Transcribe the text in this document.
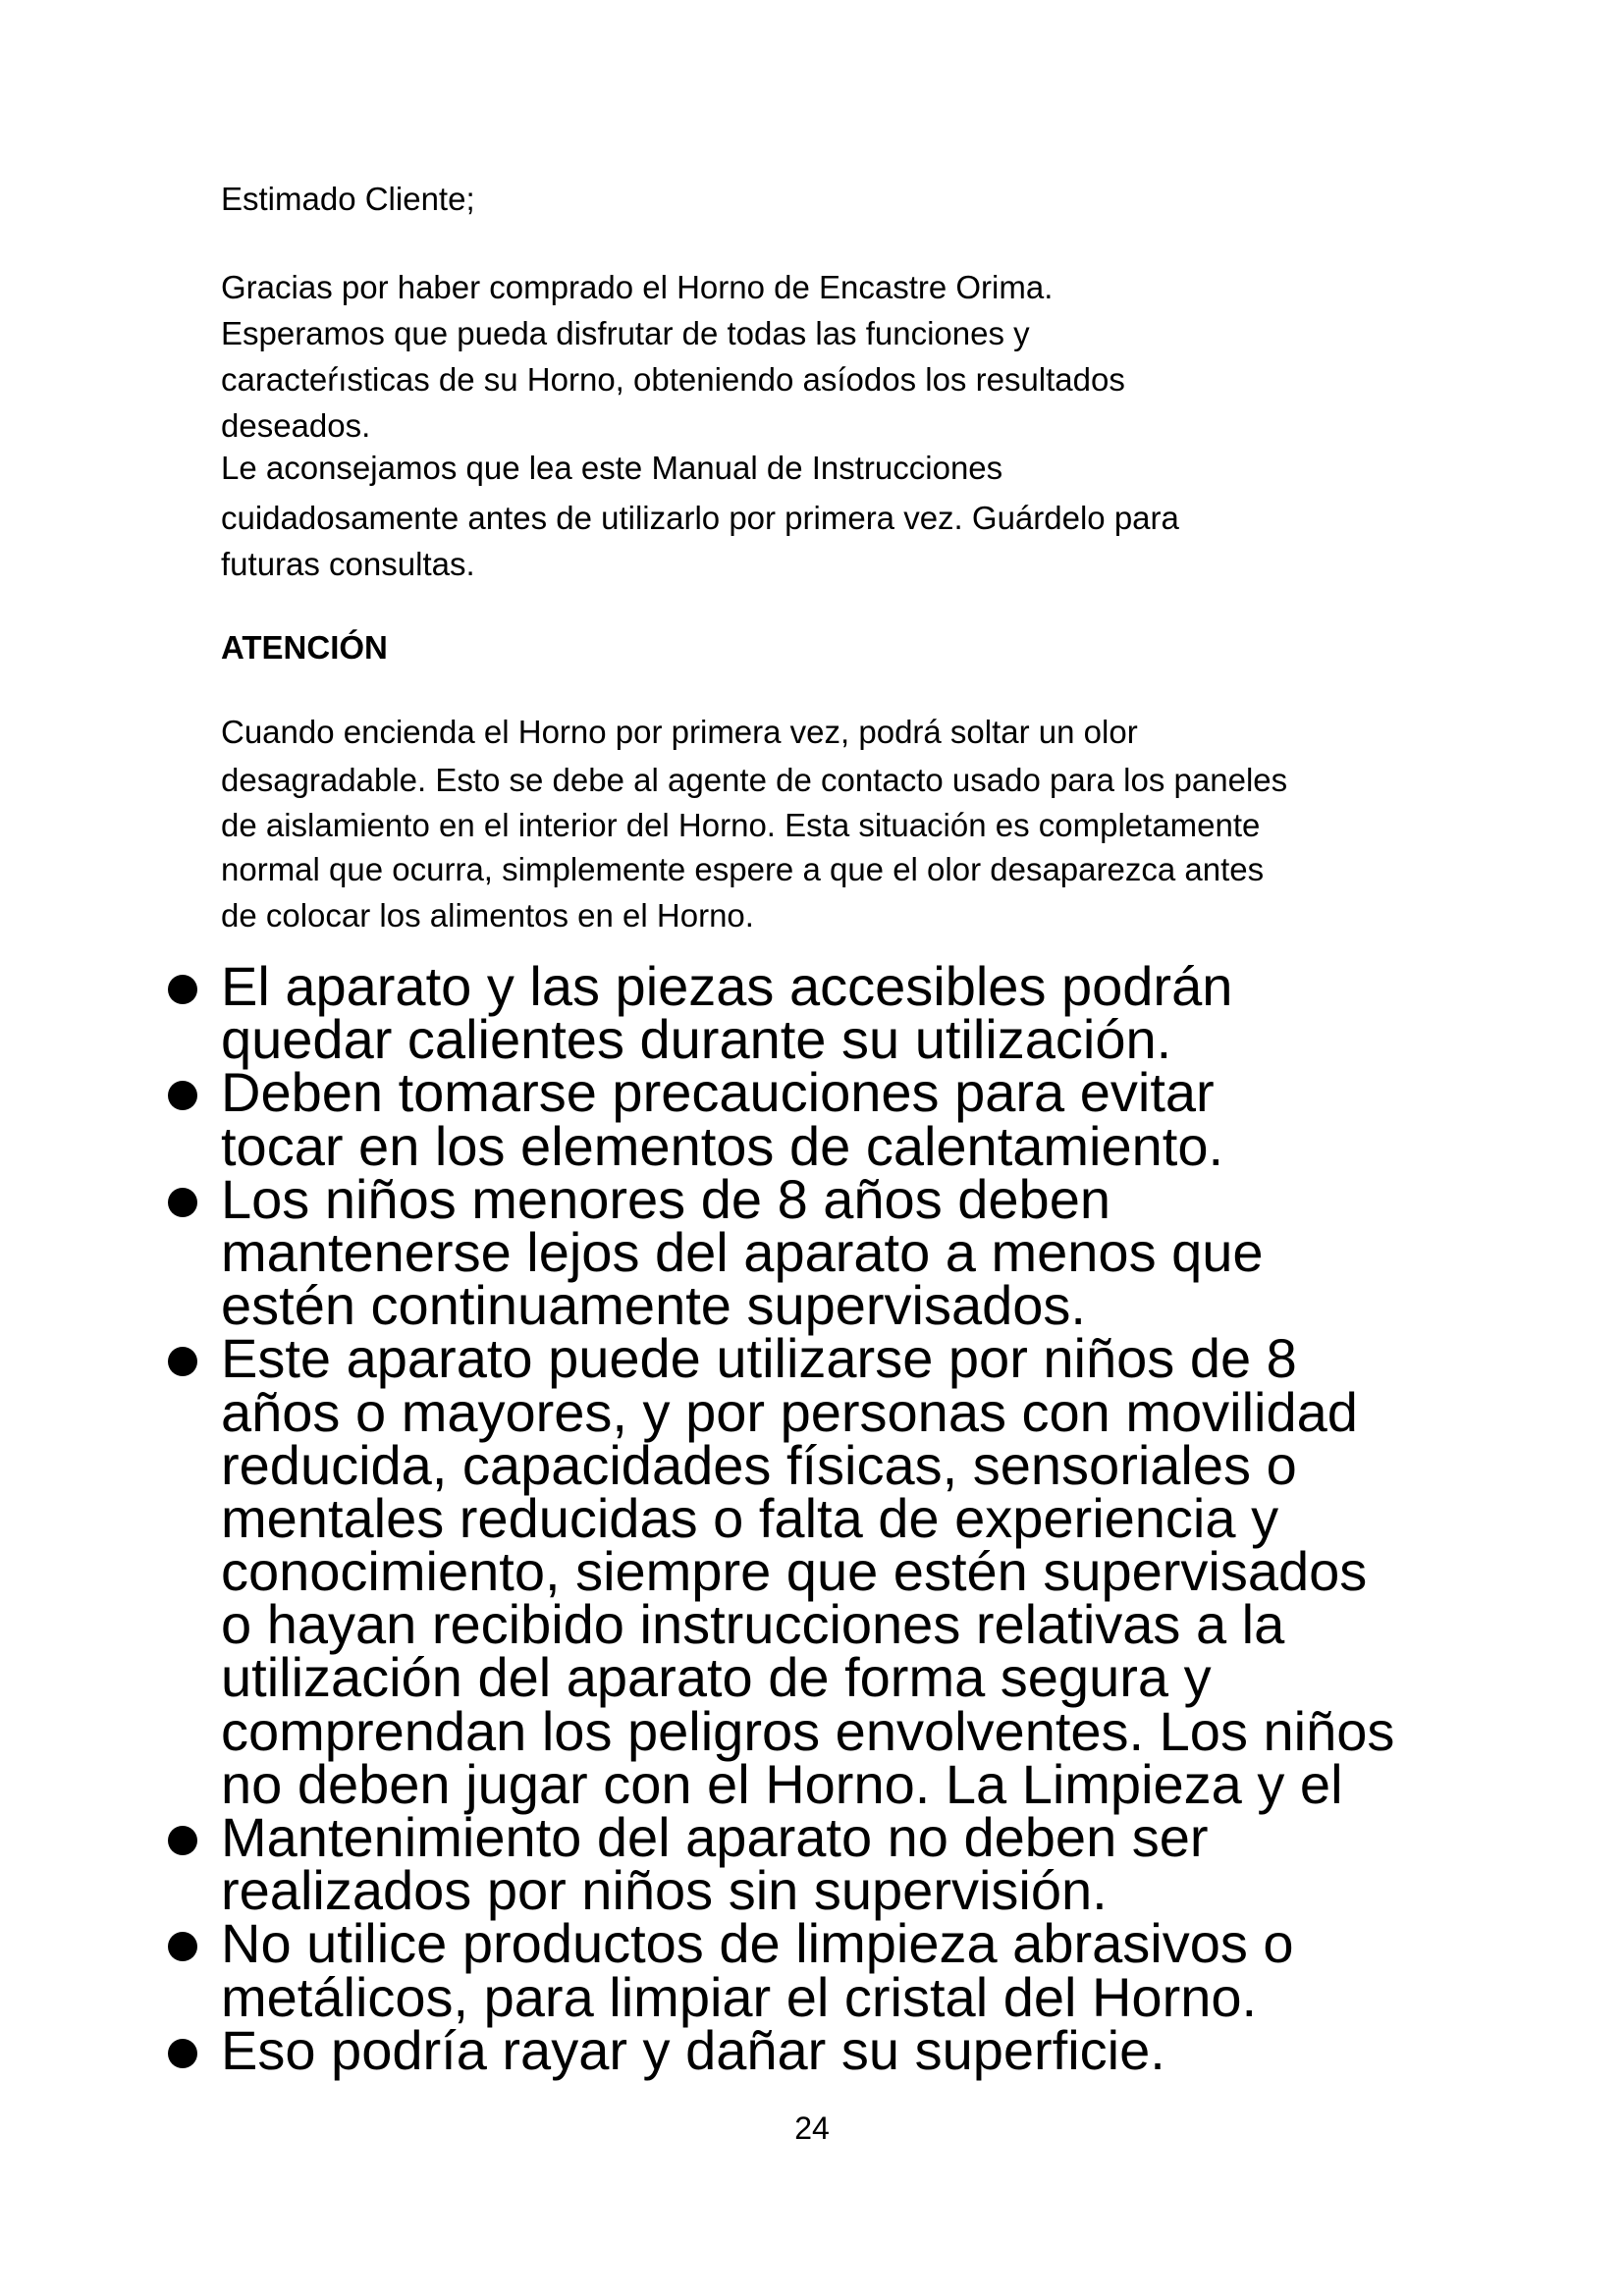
Estimado Cliente;

Gracias por haber comprado el Horno de Encastre Orima.

Esperamos que pueda disfrutar de todas las funciones y

caracteŕısticas de su Horno, obteniendo asíodos los resultados

deseados.

Le aconsejamos que lea este Manual de Instrucciones

cuidadosamente antes de utilizarlo por primera vez. Guárdelo para

futuras consultas.

ATENCIÓN

Cuando encienda el Horno por primera vez, podrá soltar un olor

desagradable. Esto se debe al agente de contacto usado para los paneles

de aislamiento en el interior del Horno. Esta situación es completamente

normal que ocurra, simplemente espere a que el olor desaparezca antes

de colocar los alimentos en el Horno.

El aparato y las piezas accesibles podrán
quedar calientes durante su utilización.
Deben tomarse precauciones para evitar
tocar en los elementos de calentamiento.
Los niños menores de 8 años deben
mantenerse lejos del aparato a menos que
estén continuamente supervisados.
Este aparato puede utilizarse por niños de 8
años o mayores, y por personas con movilidad
reducida, capacidades físicas, sensoriales o
mentales reducidas o falta de experiencia y
conocimiento, siempre que estén supervisados
o hayan recibido instrucciones relativas a la
utilización del aparato de forma segura y
comprendan los peligros envolventes. Los niños
no deben jugar con el Horno. La Limpieza y el
Mantenimiento del aparato no deben ser
realizados por niños sin supervisión.
No utilice productos de limpieza abrasivos o
metálicos, para limpiar el cristal del Horno.
Eso podría rayar y dañar su superficie.

24
